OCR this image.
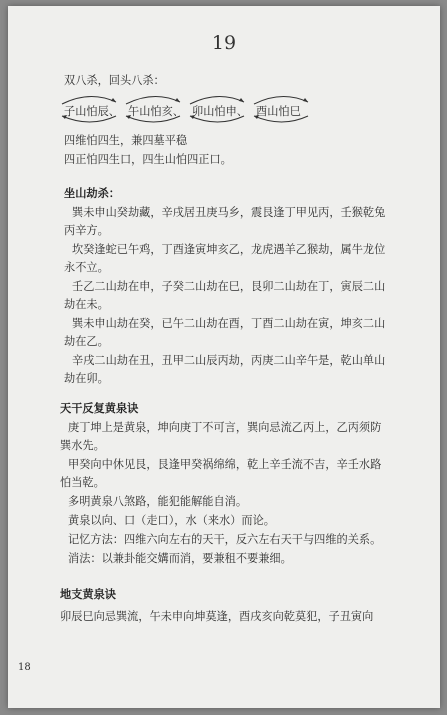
19
双八杀，回头八杀：
子山怕辰、 午山怕亥、 卯山怕申、 酉山怕巳
四维怕四生，兼四墓平稳
四正怕四生口，四生山怕四正口。
坐山劫杀：
巽未申山癸劫藏，辛戌居丑庚马乡，震艮逢丁甲见丙，壬猴乾兔
丙辛方。
坎癸逢蛇已午鸡，丁酉逢寅坤亥乙，龙虎遇羊乙猴劫，属牛龙位
永不立。
壬乙二山劫在申，子癸二山劫在巳，艮卯二山劫在丁，寅辰二山
劫在未。
巽未申山劫在癸，已午二山劫在酉，丁酉二山劫在寅，坤亥二山
劫在乙。
辛戌二山劫在丑，丑甲二山辰丙劫，丙庚二山辛午是，乾山单山
劫在卯。
天干反复黄泉诀
庚丁坤上是黄泉，坤向庚丁不可言，巽向忌流乙丙上，乙丙须防
巽水先。
甲癸向中休见艮，艮逢甲癸祸绵绵，乾上辛壬流不吉，辛壬水路
怕当乾。
多明黄泉八煞路，能犯能解能自消。
黄泉以向、口（走口），水（来水）而论。
记忆方法：四维六向左右的天干，反六左右天干与四维的关系。
消法：以兼卦能交媾而消，要兼租不要兼细。
地支黄泉诀
卯辰巳向忌巽流，午未申向坤莫逢，酉戌亥向乾莫犯，子丑寅向
18
